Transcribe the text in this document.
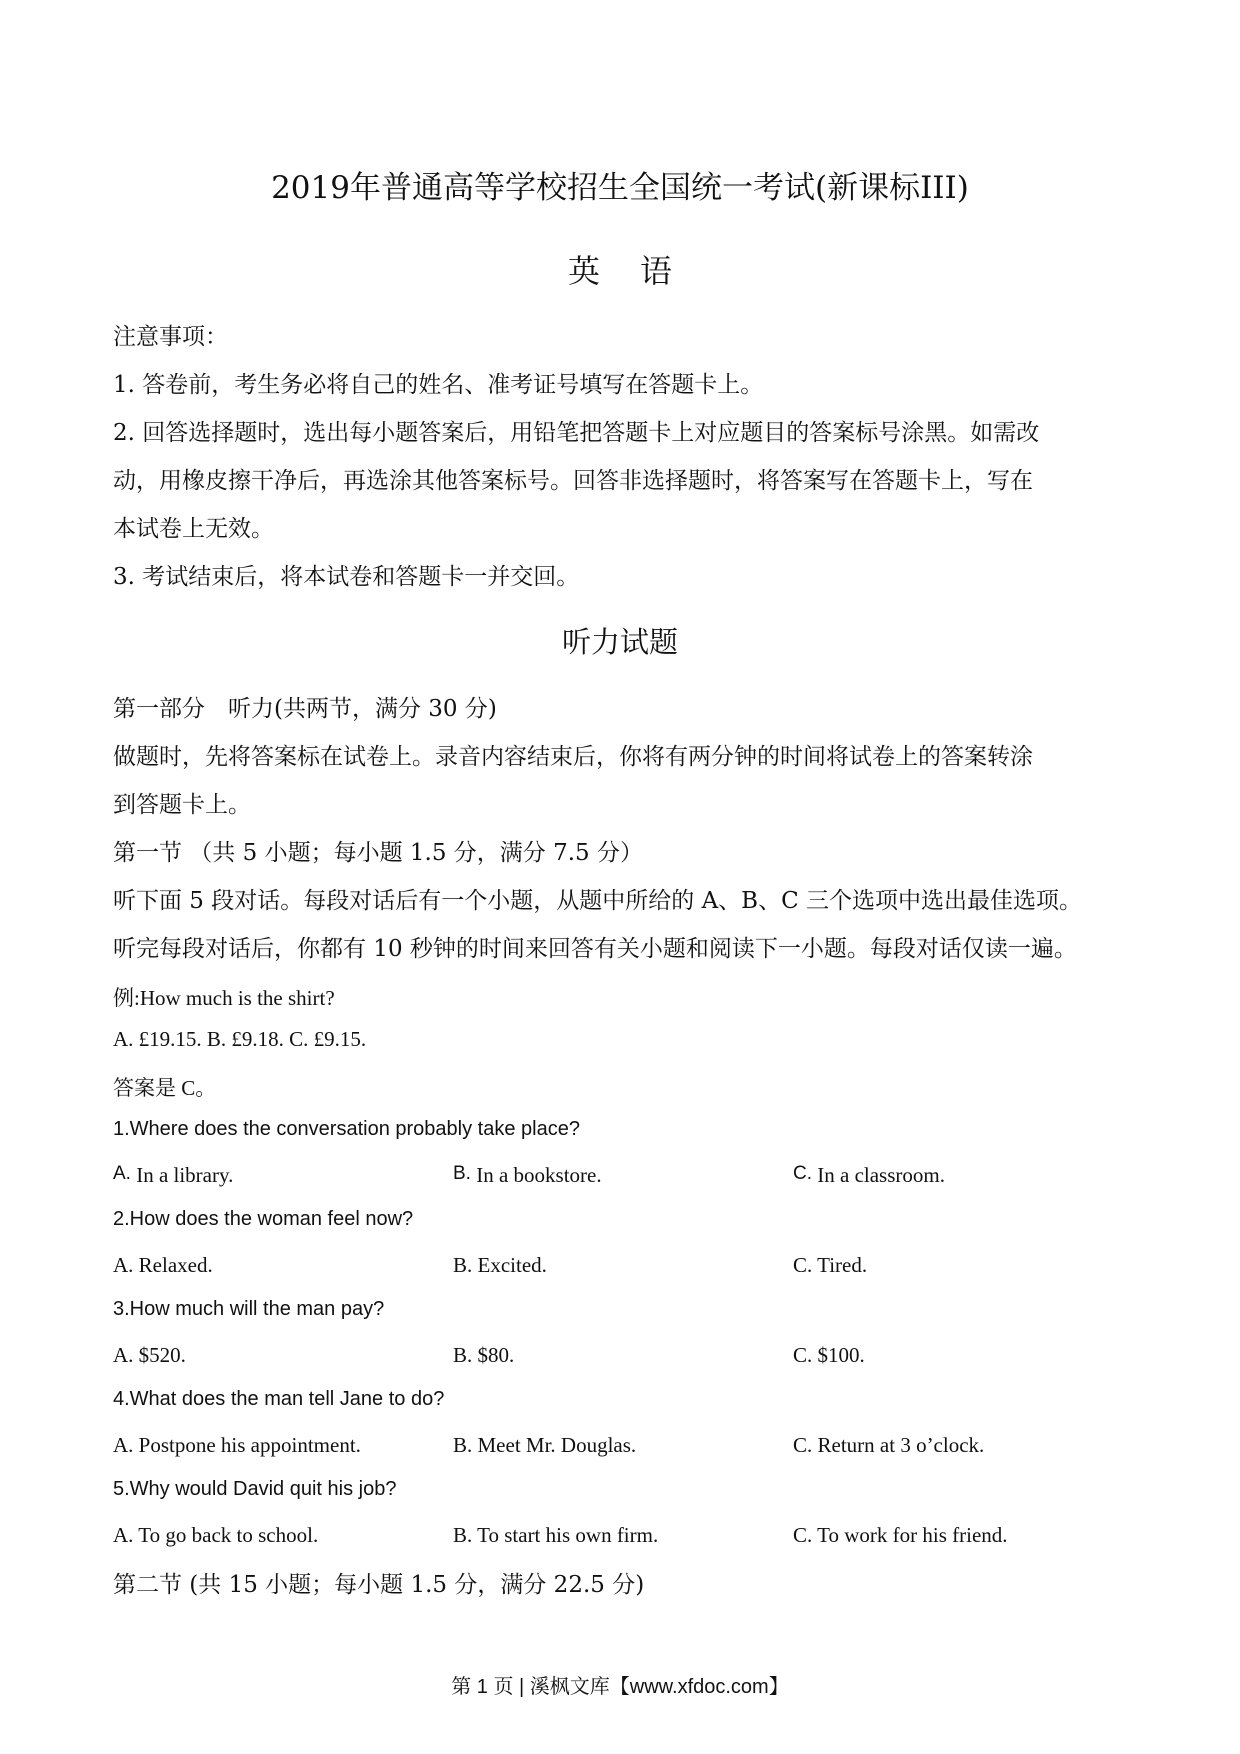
2019年普通高等学校招生全国统一考试(新课标III)
英语
注意事项：
1. 答卷前，考生务必将自己的姓名、准考证号填写在答题卡上。
2. 回答选择题时，选出每小题答案后，用铅笔把答题卡上对应题目的答案标号涂黑。如需改
动，用橡皮擦干净后，再选涂其他答案标号。回答非选择题时，将答案写在答题卡上，写在
本试卷上无效。
3. 考试结束后，将本试卷和答题卡一并交回。
听力试题
第一部分　听力(共两节，满分 30 分)
做题时，先将答案标在试卷上。录音内容结束后，你将有两分钟的时间将试卷上的答案转涂
到答题卡上。
第一节 （共 5 小题；每小题 1.5 分，满分 7.5 分）
听下面 5 段对话。每段对话后有一个小题，从题中所给的 A、B、C 三个选项中选出最佳选项。
听完每段对话后，你都有 10 秒钟的时间来回答有关小题和阅读下一小题。每段对话仅读一遍。
例:How much is the shirt?
A. £19.15. B. £9.18. C. £9.15.
答案是 C。
1.Where does the conversation probably take place?
A. In a library.	B. In a bookstore.	C. In a classroom.
2.How does the woman feel now?
A. Relaxed.	B. Excited.	C. Tired.
3.How much will the man pay?
A. $520.	B. $80.	C. $100.
4.What does the man tell Jane to do?
A. Postpone his appointment.	B. Meet Mr. Douglas.	C. Return at 3 o’clock.
5.Why would David quit his job?
A. To go back to school.	B. To start his own firm.	C. To work for his friend.
第二节 (共 15 小题；每小题 1.5 分，满分 22.5 分)
第 1 页 | 溪枫文库【www.xfdoc.com】
